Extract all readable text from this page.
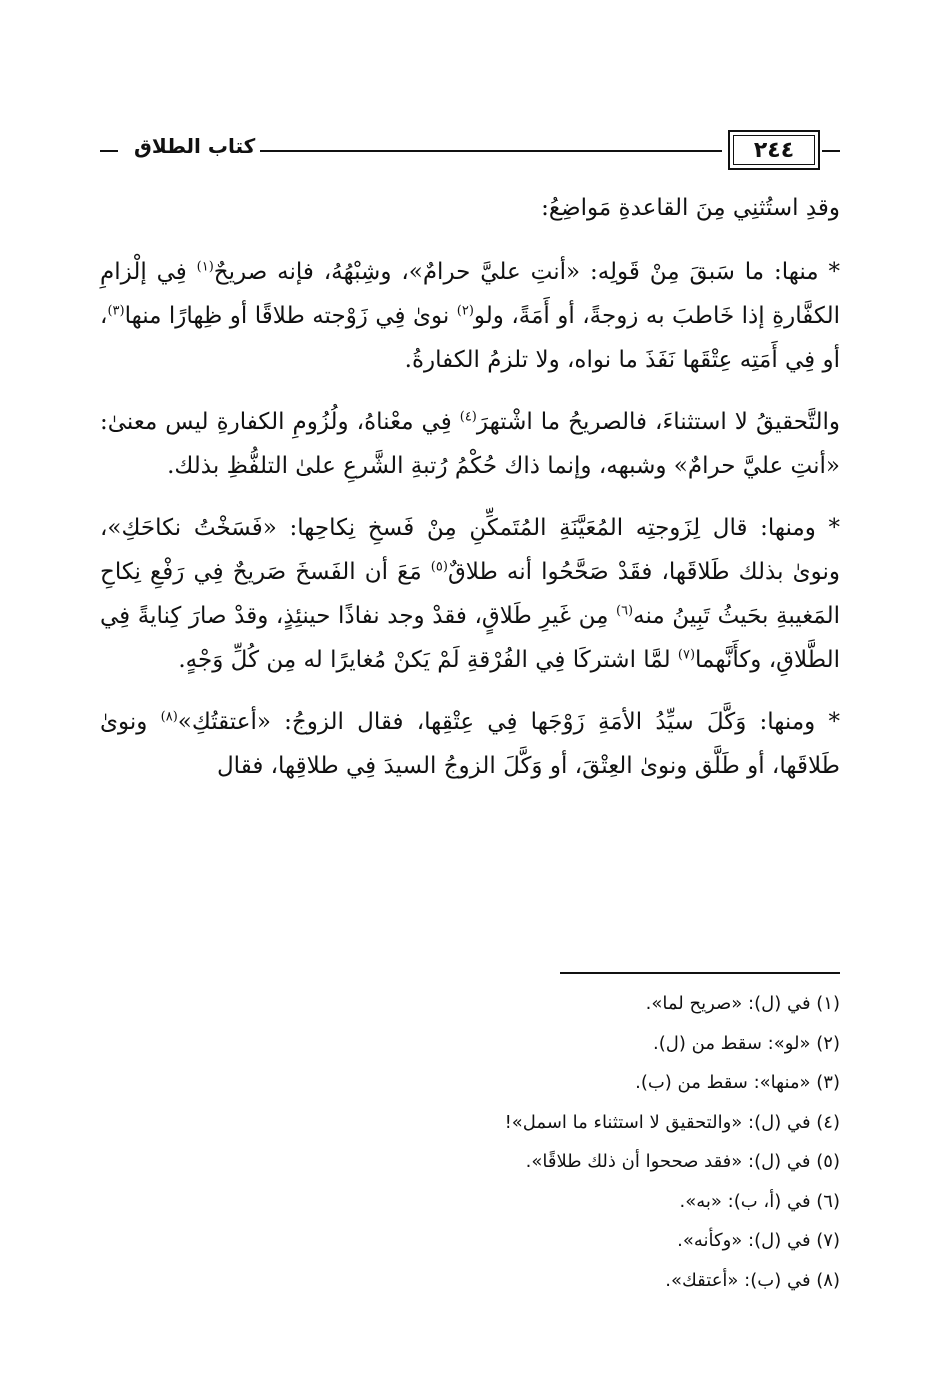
٢٤٤
كتاب الطلاق

وقدِ استُثنِي مِنَ القاعدةِ مَواضِعُ:

* منها: ما سَبقَ مِنْ قَولِه: «أنتِ عليَّ حرامٌ»، وشِبْهُهُ، فإنه صريحٌ$^{(١)}$ فِي إلْزامِ الكفَّارةِ إذا خَاطبَ به زوجةً، أو أَمَةً، ولو$^{(٢)}$ نوىٰ فِي زَوْجته طلاقًا أو ظِهارًا منها$^{(٣)}$، أو فِي أَمَتِه عِتْقَها نَفَذَ ما نواه، ولا تلزمُ الكفارةُ.

والتَّحقيقُ لا استثناءَ، فالصريحُ ما اشْتهرَ$^{(٤)}$ فِي معْناهُ، ولُزُومِ الكفارةِ ليس معنىٰ: «أنتِ عليَّ حرامٌ» وشبهه، وإنما ذاك حُكْمُ رُتبةِ الشَّرعِ علىٰ التلفُّظِ بذلك.

* ومنها: قال لِزَوجتِه المُعَيَّنَةِ المُتَمكِّنِ مِنْ فَسخِ نِكاحِها: «فَسَخْتُ نكاحَكِ»، ونوىٰ بذلك طَلاقَها، فقَدْ صَحَّحُوا أنه طلاقٌ$^{(٥)}$ مَعَ أن الفَسخَ صَريحٌ فِي رَفْعِ نِكاحِ المَغيبةِ بحَيثُ تَبِينُ منه$^{(٦)}$ مِن غَيرِ طَلاقٍ، فقدْ وجد نفاذًا حينئِذٍ، وقدْ صارَ كِنايةً فِي الطَّلاقِ، وكأَنَّهما$^{(٧)}$ لمَّا اشتركَا فِي الفُرْقةِ لَمْ يَكنْ مُغايرًا له مِن كُلِّ وَجْهٍ.

* ومنها: وَكَّلَ سيِّدُ الأمَةِ زَوْجَها فِي عِتْقِها، فقال الزوجُ: «أعتقتُكِ»$^{(٨)}$ ونوىٰ طَلاقَها، أو طَلَّق ونوىٰ العِتْقَ، أو وَكَّلَ الزوجُ السيدَ فِي طلاقِها، فقال

(١) في (ل): «صريح لما».
(٢) «لو»: سقط من (ل).
(٣) «منها»: سقط من (ب).
(٤) في (ل): «والتحقيق لا استثناء ما اسمل»!
(٥) في (ل): «فقد صححوا أن ذلك طلاقًا».
(٦) في (أ، ب): «به».
(٧) في (ل): «وكأنه».
(٨) في (ب): «أعتقك».
